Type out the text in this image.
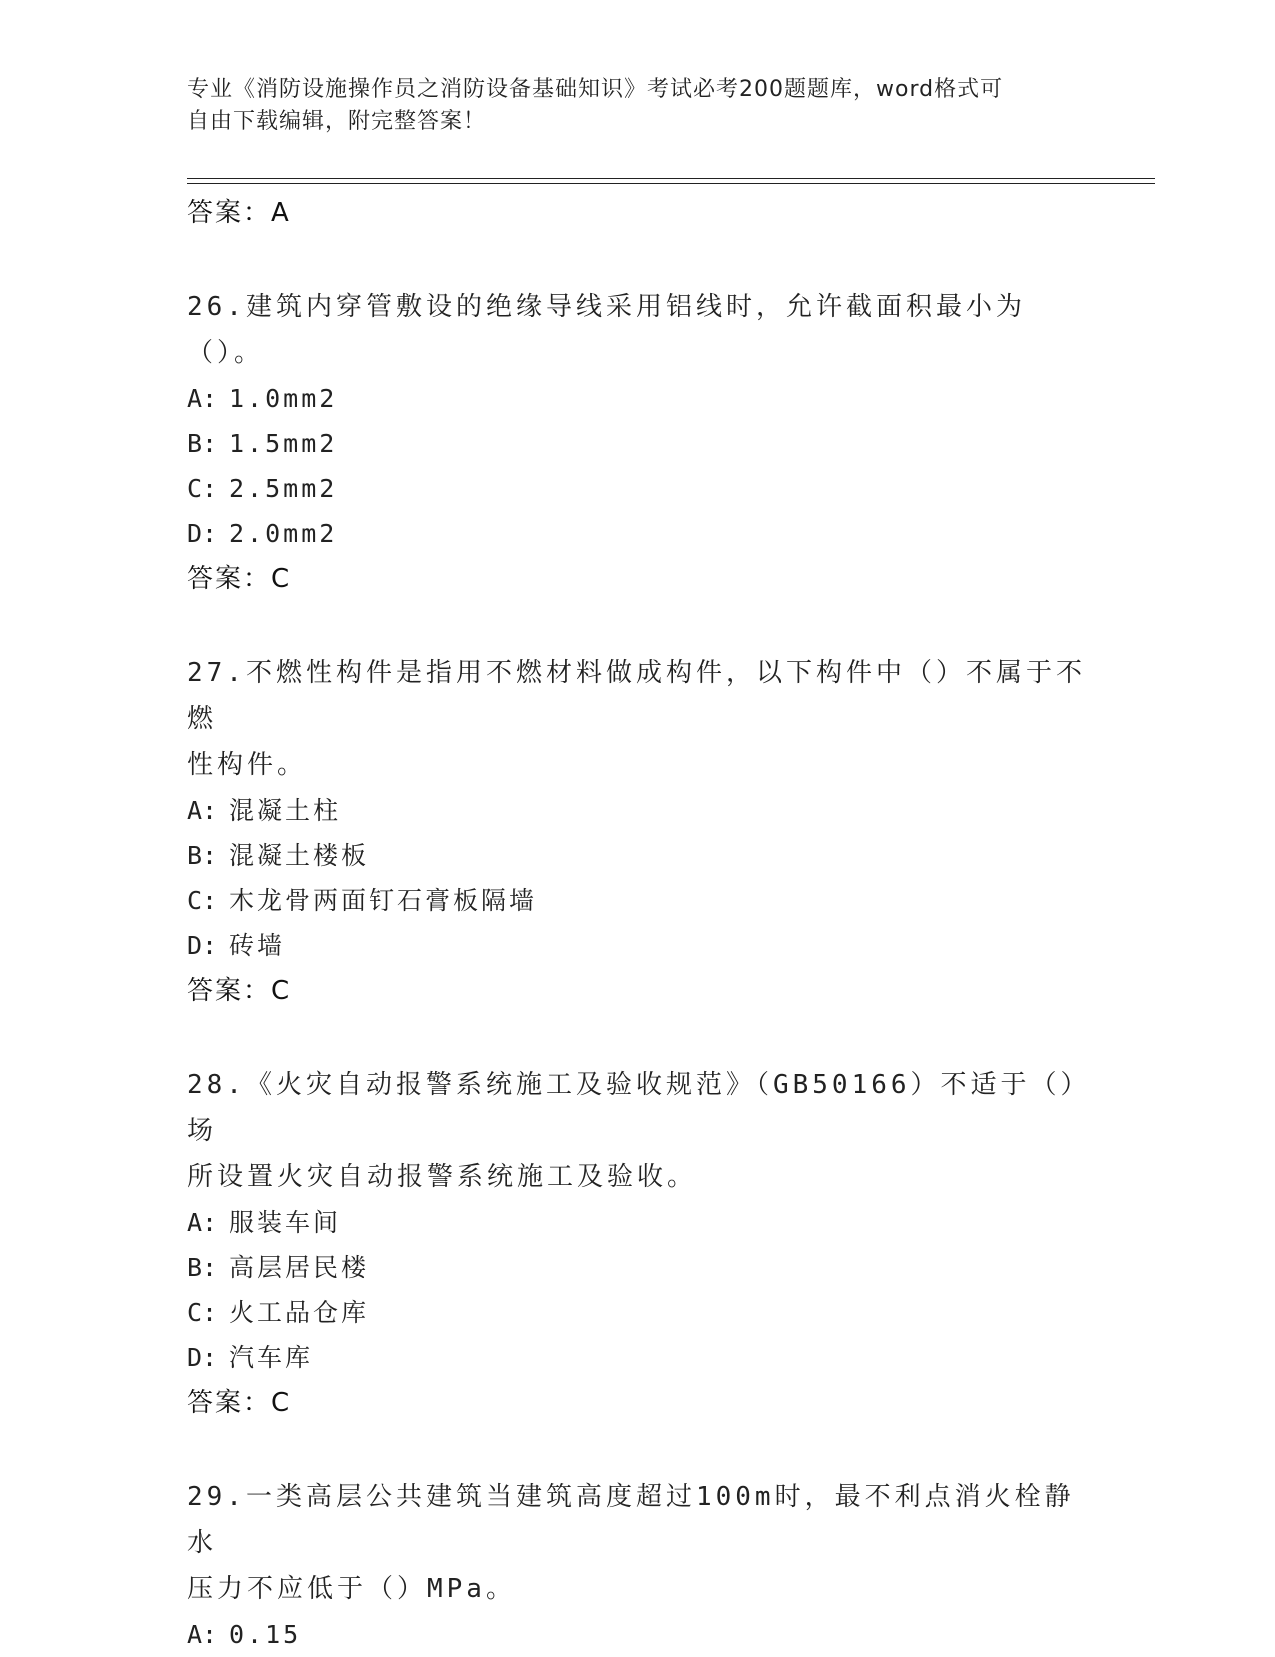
专业《消防设施操作员之消防设备基础知识》考试必考200题题库，word格式可
自由下载编辑，附完整答案！
答案：A
26.建筑内穿管敷设的绝缘导线采用铝线时，允许截面积最小为（）。
A: 1.0mm2
B: 1.5mm2
C: 2.5mm2
D: 2.0mm2
答案：C
27.不燃性构件是指用不燃材料做成构件，以下构件中（）不属于不燃
性构件。
A: 混凝土柱
B: 混凝土楼板
C: 木龙骨两面钉石膏板隔墙
D: 砖墙
答案：C
28.《火灾自动报警系统施工及验收规范》（GB50166）不适于（）场
所设置火灾自动报警系统施工及验收。
A: 服装车间
B: 高层居民楼
C: 火工品仓库
D: 汽车库
答案：C
29.一类高层公共建筑当建筑高度超过100m时，最不利点消火栓静水
压力不应低于（）MPa。
A: 0.15
